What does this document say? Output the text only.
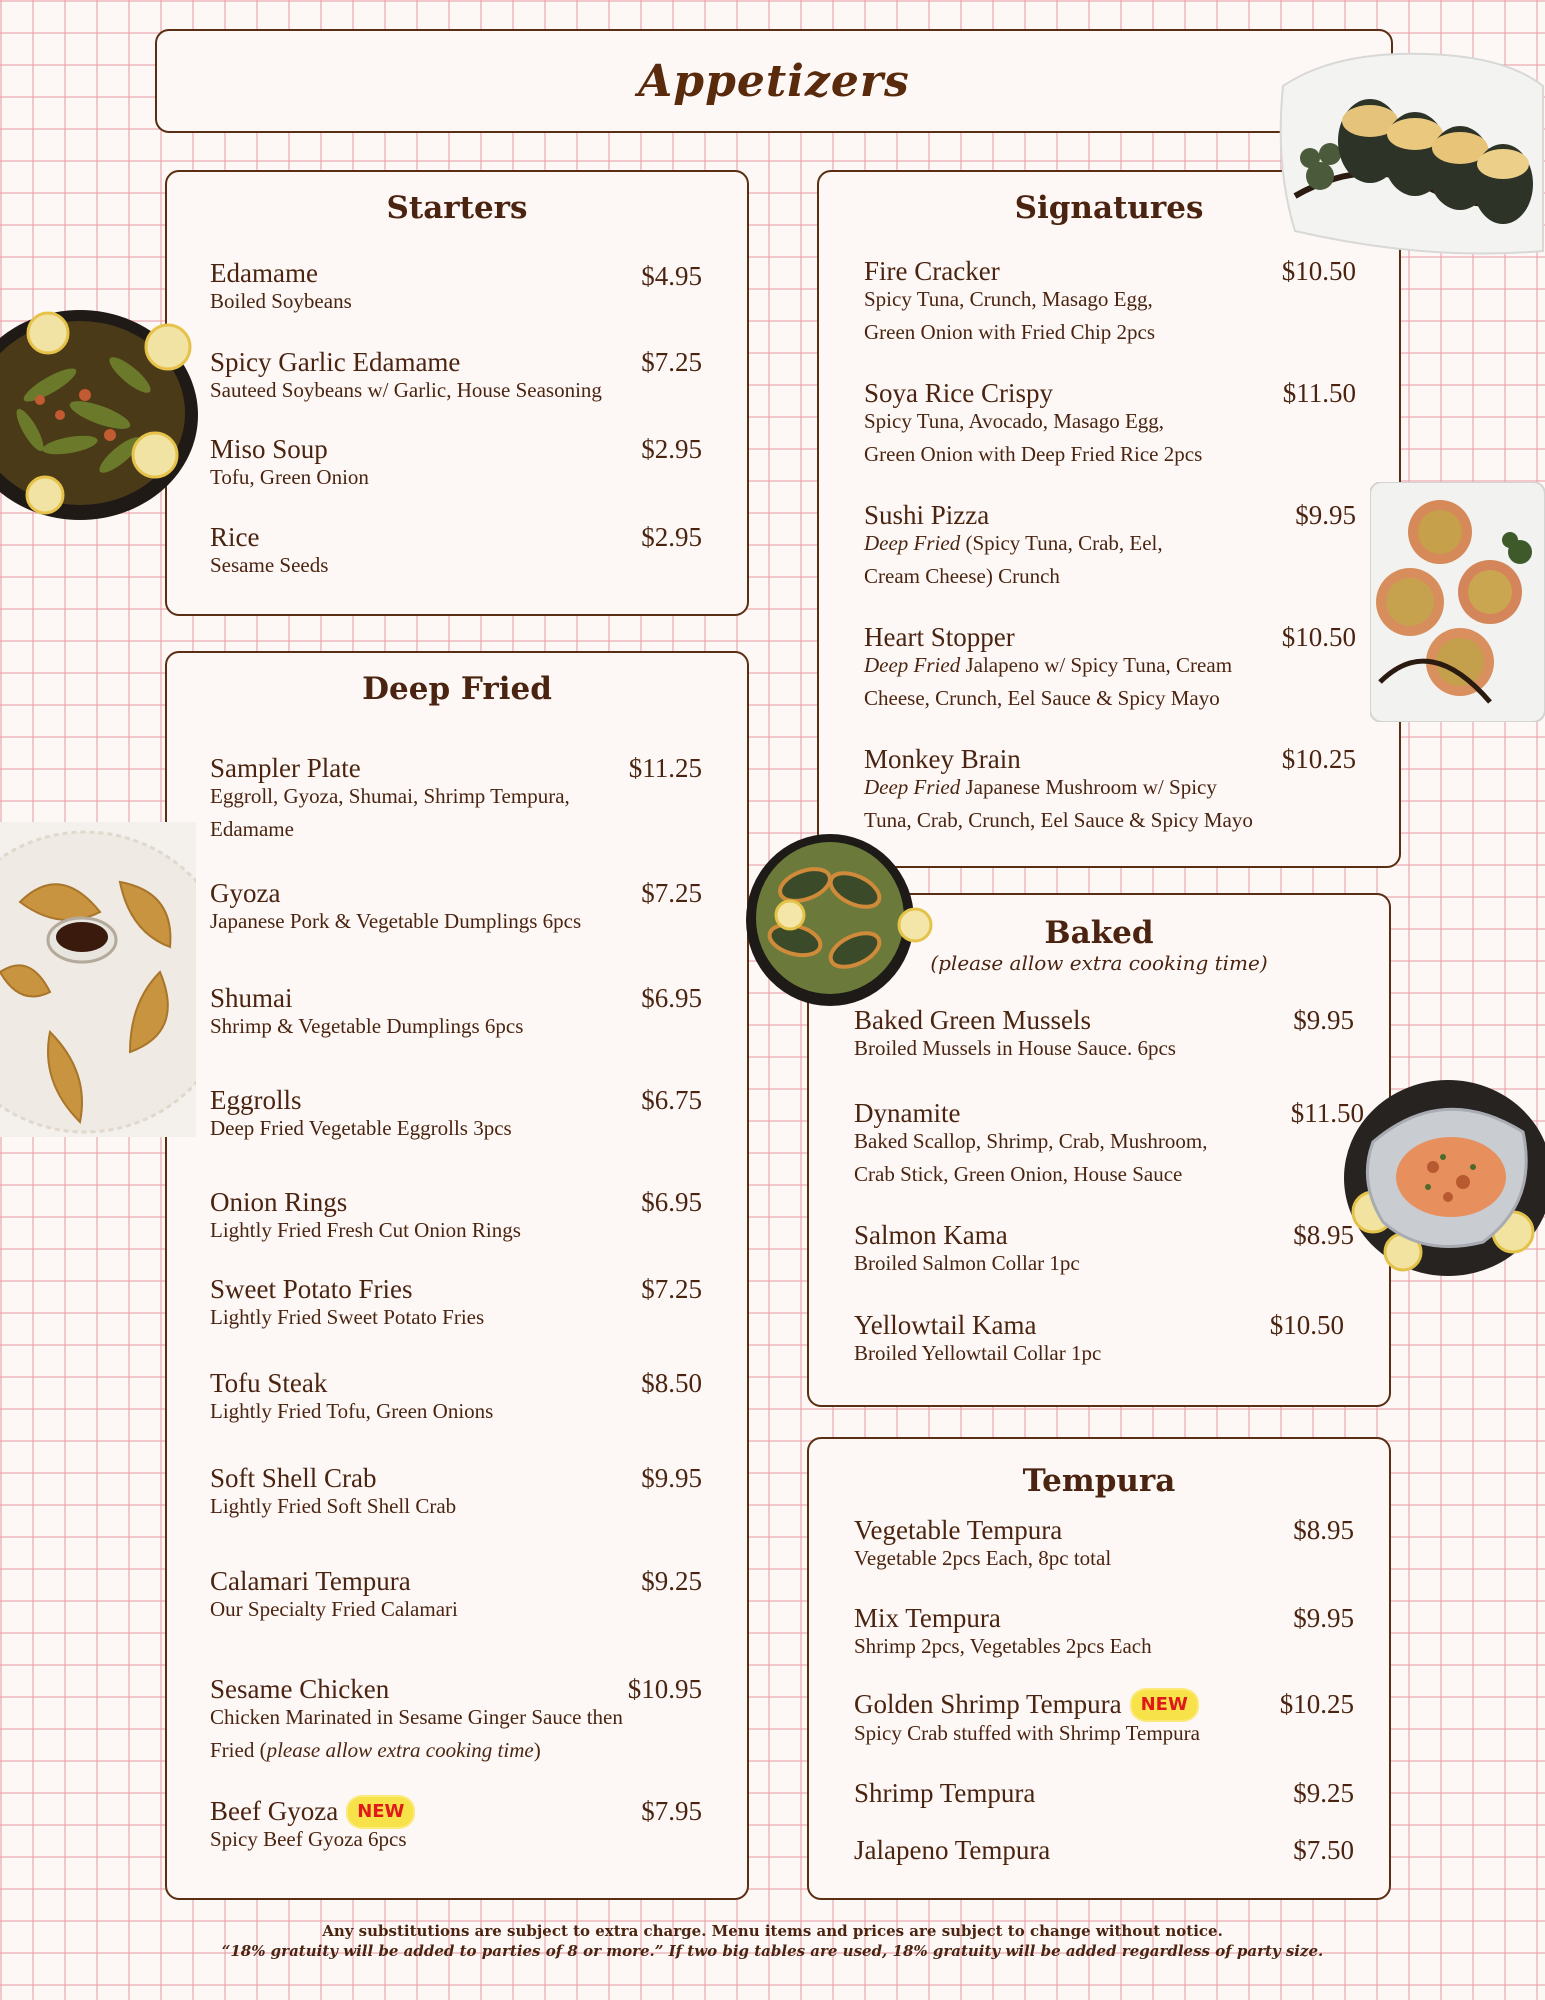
Appetizers
Starters
Edamame	$4.95
Boiled Soybeans
Spicy Garlic Edamame	$7.25
Sauteed Soybeans w/ Garlic, House Seasoning
Miso Soup	$2.95
Tofu, Green Onion
Rice	$2.95
Sesame Seeds
Deep Fried
Sampler Plate	$11.25
Eggroll, Gyoza, Shumai, Shrimp Tempura,
Edamame
Gyoza	$7.25
Japanese Pork & Vegetable Dumplings 6pcs
Shumai	$6.95
Shrimp & Vegetable Dumplings 6pcs
Eggrolls	$6.75
Deep Fried Vegetable Eggrolls 3pcs
Onion Rings	$6.95
Lightly Fried Fresh Cut Onion Rings
Sweet Potato Fries	$7.25
Lightly Fried Sweet Potato Fries
Tofu Steak	$8.50
Lightly Fried Tofu, Green Onions
Soft Shell Crab	$9.95
Lightly Fried Soft Shell Crab
Calamari Tempura	$9.25
Our Specialty Fried Calamari
Sesame Chicken	$10.95
Chicken Marinated in Sesame Ginger Sauce then
Fried (please allow extra cooking time)
Beef Gyoza NEW	$7.95
Spicy Beef Gyoza 6pcs
Signatures
Fire Cracker	$10.50
Spicy Tuna, Crunch, Masago Egg,
Green Onion with Fried Chip 2pcs
Soya Rice Crispy	$11.50
Spicy Tuna, Avocado, Masago Egg,
Green Onion with Deep Fried Rice 2pcs
Sushi Pizza	$9.95
Deep Fried (Spicy Tuna, Crab, Eel,
Cream Cheese) Crunch
Heart Stopper	$10.50
Deep Fried Jalapeno w/ Spicy Tuna, Cream
Cheese, Crunch, Eel Sauce & Spicy Mayo
Monkey Brain	$10.25
Deep Fried Japanese Mushroom w/ Spicy
Tuna, Crab, Crunch, Eel Sauce & Spicy Mayo
Baked
(please allow extra cooking time)
Baked Green Mussels	$9.95
Broiled Mussels in House Sauce. 6pcs
Dynamite	$11.50
Baked Scallop, Shrimp, Crab, Mushroom,
Crab Stick, Green Onion, House Sauce
Salmon Kama	$8.95
Broiled Salmon Collar 1pc
Yellowtail Kama	$10.50
Broiled Yellowtail Collar 1pc
Tempura
Vegetable Tempura	$8.95
Vegetable 2pcs Each, 8pc total
Mix Tempura	$9.95
Shrimp 2pcs, Vegetables 2pcs Each
Golden Shrimp Tempura NEW	$10.25
Spicy Crab stuffed with Shrimp Tempura
Shrimp Tempura	$9.25
Jalapeno Tempura	$7.50
Any substitutions are subject to extra charge. Menu items and prices are subject to change without notice.
“18% gratuity will be added to parties of 8 or more.” If two big tables are used, 18% gratuity will be added regardless of party size.
